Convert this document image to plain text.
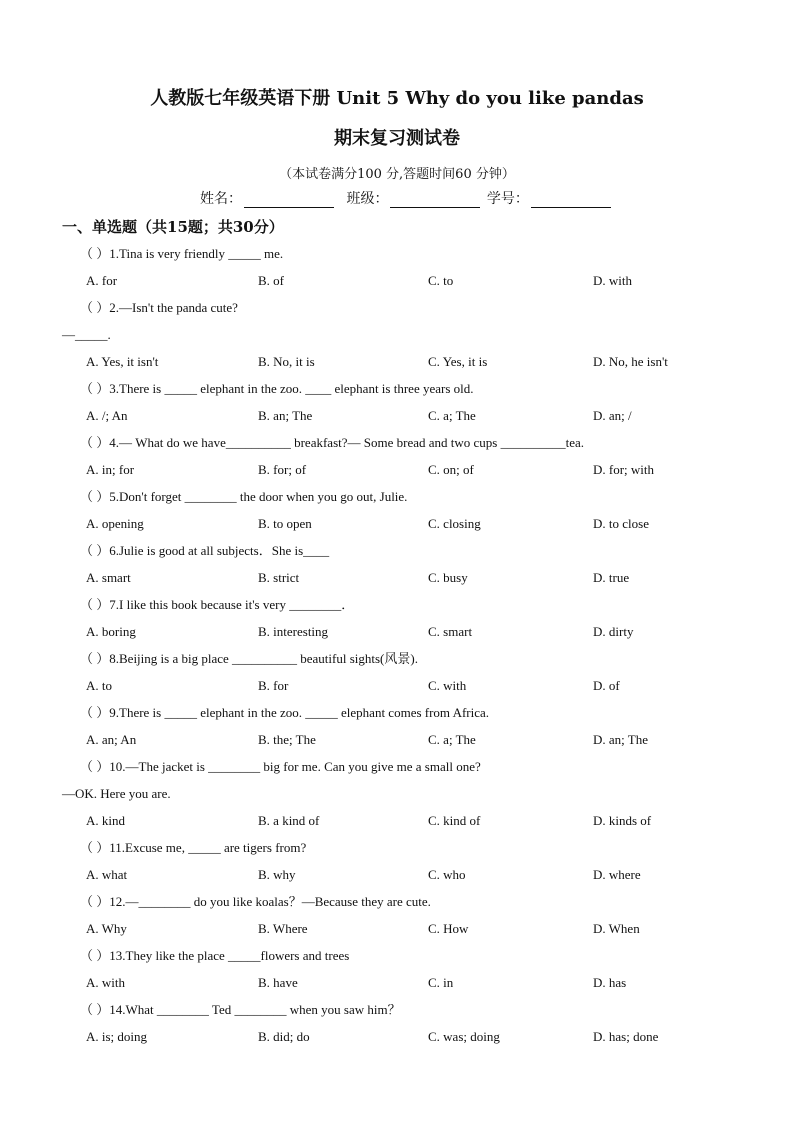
人教版七年级英语下册 Unit 5 Why do you like pandas
期末复习测试卷
（本试卷满分100 分,答题时间60 分钟）
姓名：	班级：	学号：
一、单选题（共15题；共30分）
（ ）1.Tina is very friendly _____ me.
A. for	B. of	C. to	D. with
（ ）2.—Isn't the panda cute?
—_____.
A. Yes, it isn't	B. No, it is	C. Yes, it is	D. No, he isn't
（ ）3.There is _____ elephant in the zoo. ____ elephant is three years old.
A. /; An	B. an; The	C. a; The	D. an; /
（ ）4.— What do we have__________ breakfast?— Some bread and two cups __________tea.
A. in; for	B. for; of	C. on; of	D. for; with
（ ）5.Don't forget ________ the door when you go out, Julie.
A. opening	B. to open	C. closing	D. to close
（ ）6.Julie is good at all subjects．She is____
A. smart	B. strict	C. busy	D. true
（ ）7.I like this book because it's very ________．
A. boring	B. interesting	C. smart	D. dirty
（ ）8.Beijing is a big place __________ beautiful sights(风景).
A. to	B. for	C. with	D. of
（ ）9.There is _____ elephant in the zoo. _____ elephant comes from Africa.
A. an; An	B. the; The	C. a; The	D. an; The
（ ）10.—The jacket is ________ big for me. Can you give me a small one?
—OK. Here you are.
A. kind	B. a kind of	C. kind of	D. kinds of
（ ）11.Excuse me, _____ are tigers from?
A. what	B. why	C. who	D. where
（ ）12.—________ do you like koalas？—Because they are cute.
A. Why	B. Where	C. How	D. When
（ ）13.They like the place _____flowers and trees
A. with	B. have	C. in	D. has
（ ）14.What ________ Ted ________ when you saw him？
A. is; doing	B. did; do	C. was; doing	D. has; done
